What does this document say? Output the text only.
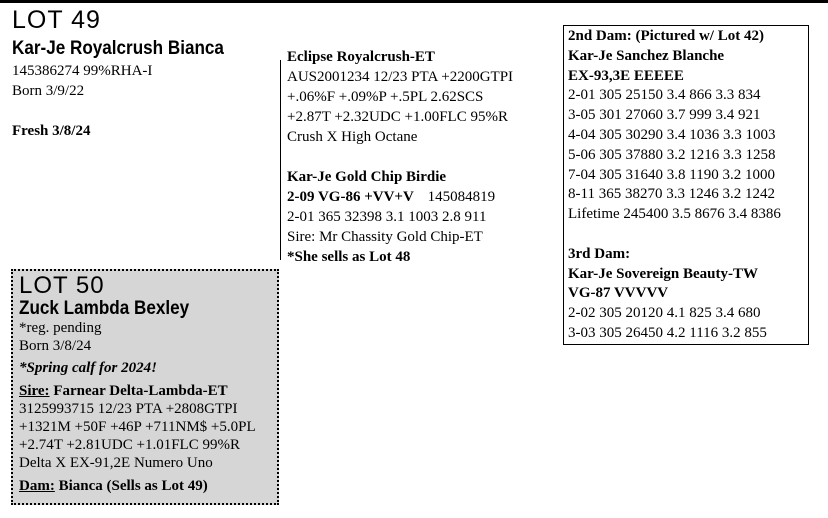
LOT 49
Kar-Je Royalcrush Bianca
145386274 99%RHA-I
Born 3/9/22
Fresh 3/8/24
Eclipse Royalcrush-ET
AUS2001234 12/23 PTA +2200GTPI
+.06%F +.09%P +.5PL 2.62SCS
+2.87T +2.32UDC +1.00FLC 95%R
Crush X High Octane
Kar-Je Gold Chip Birdie
2-09 VG-86 +VV+V 145084819
2-01 365 32398 3.1 1003 2.8 911
Sire: Mr Chassity Gold Chip-ET
*She sells as Lot 48
2nd Dam: (Pictured w/ Lot 42)
Kar-Je Sanchez Blanche
EX-93,3E EEEEE
2-01 305 25150 3.4 866 3.3 834
3-05 301 27060 3.7 999 3.4 921
4-04 305 30290 3.4 1036 3.3 1003
5-06 305 37880 3.2 1216 3.3 1258
7-04 305 31640 3.8 1190 3.2 1000
8-11 365 38270 3.3 1246 3.2 1242
Lifetime 245400 3.5 8676 3.4 8386
3rd Dam:
Kar-Je Sovereign Beauty-TW
VG-87 VVVVV
2-02 305 20120 4.1 825 3.4 680
3-03 305 26450 4.2 1116 3.2 855
LOT 50
Zuck Lambda Bexley
*reg. pending
Born 3/8/24
*Spring calf for 2024!
Sire: Farnear Delta-Lambda-ET
3125993715 12/23 PTA +2808GTPI
+1321M +50F +46P +711NM$ +5.0PL
+2.74T +2.81UDC +1.01FLC 99%R
Delta X EX-91,2E Numero Uno
Dam: Bianca (Sells as Lot 49)
